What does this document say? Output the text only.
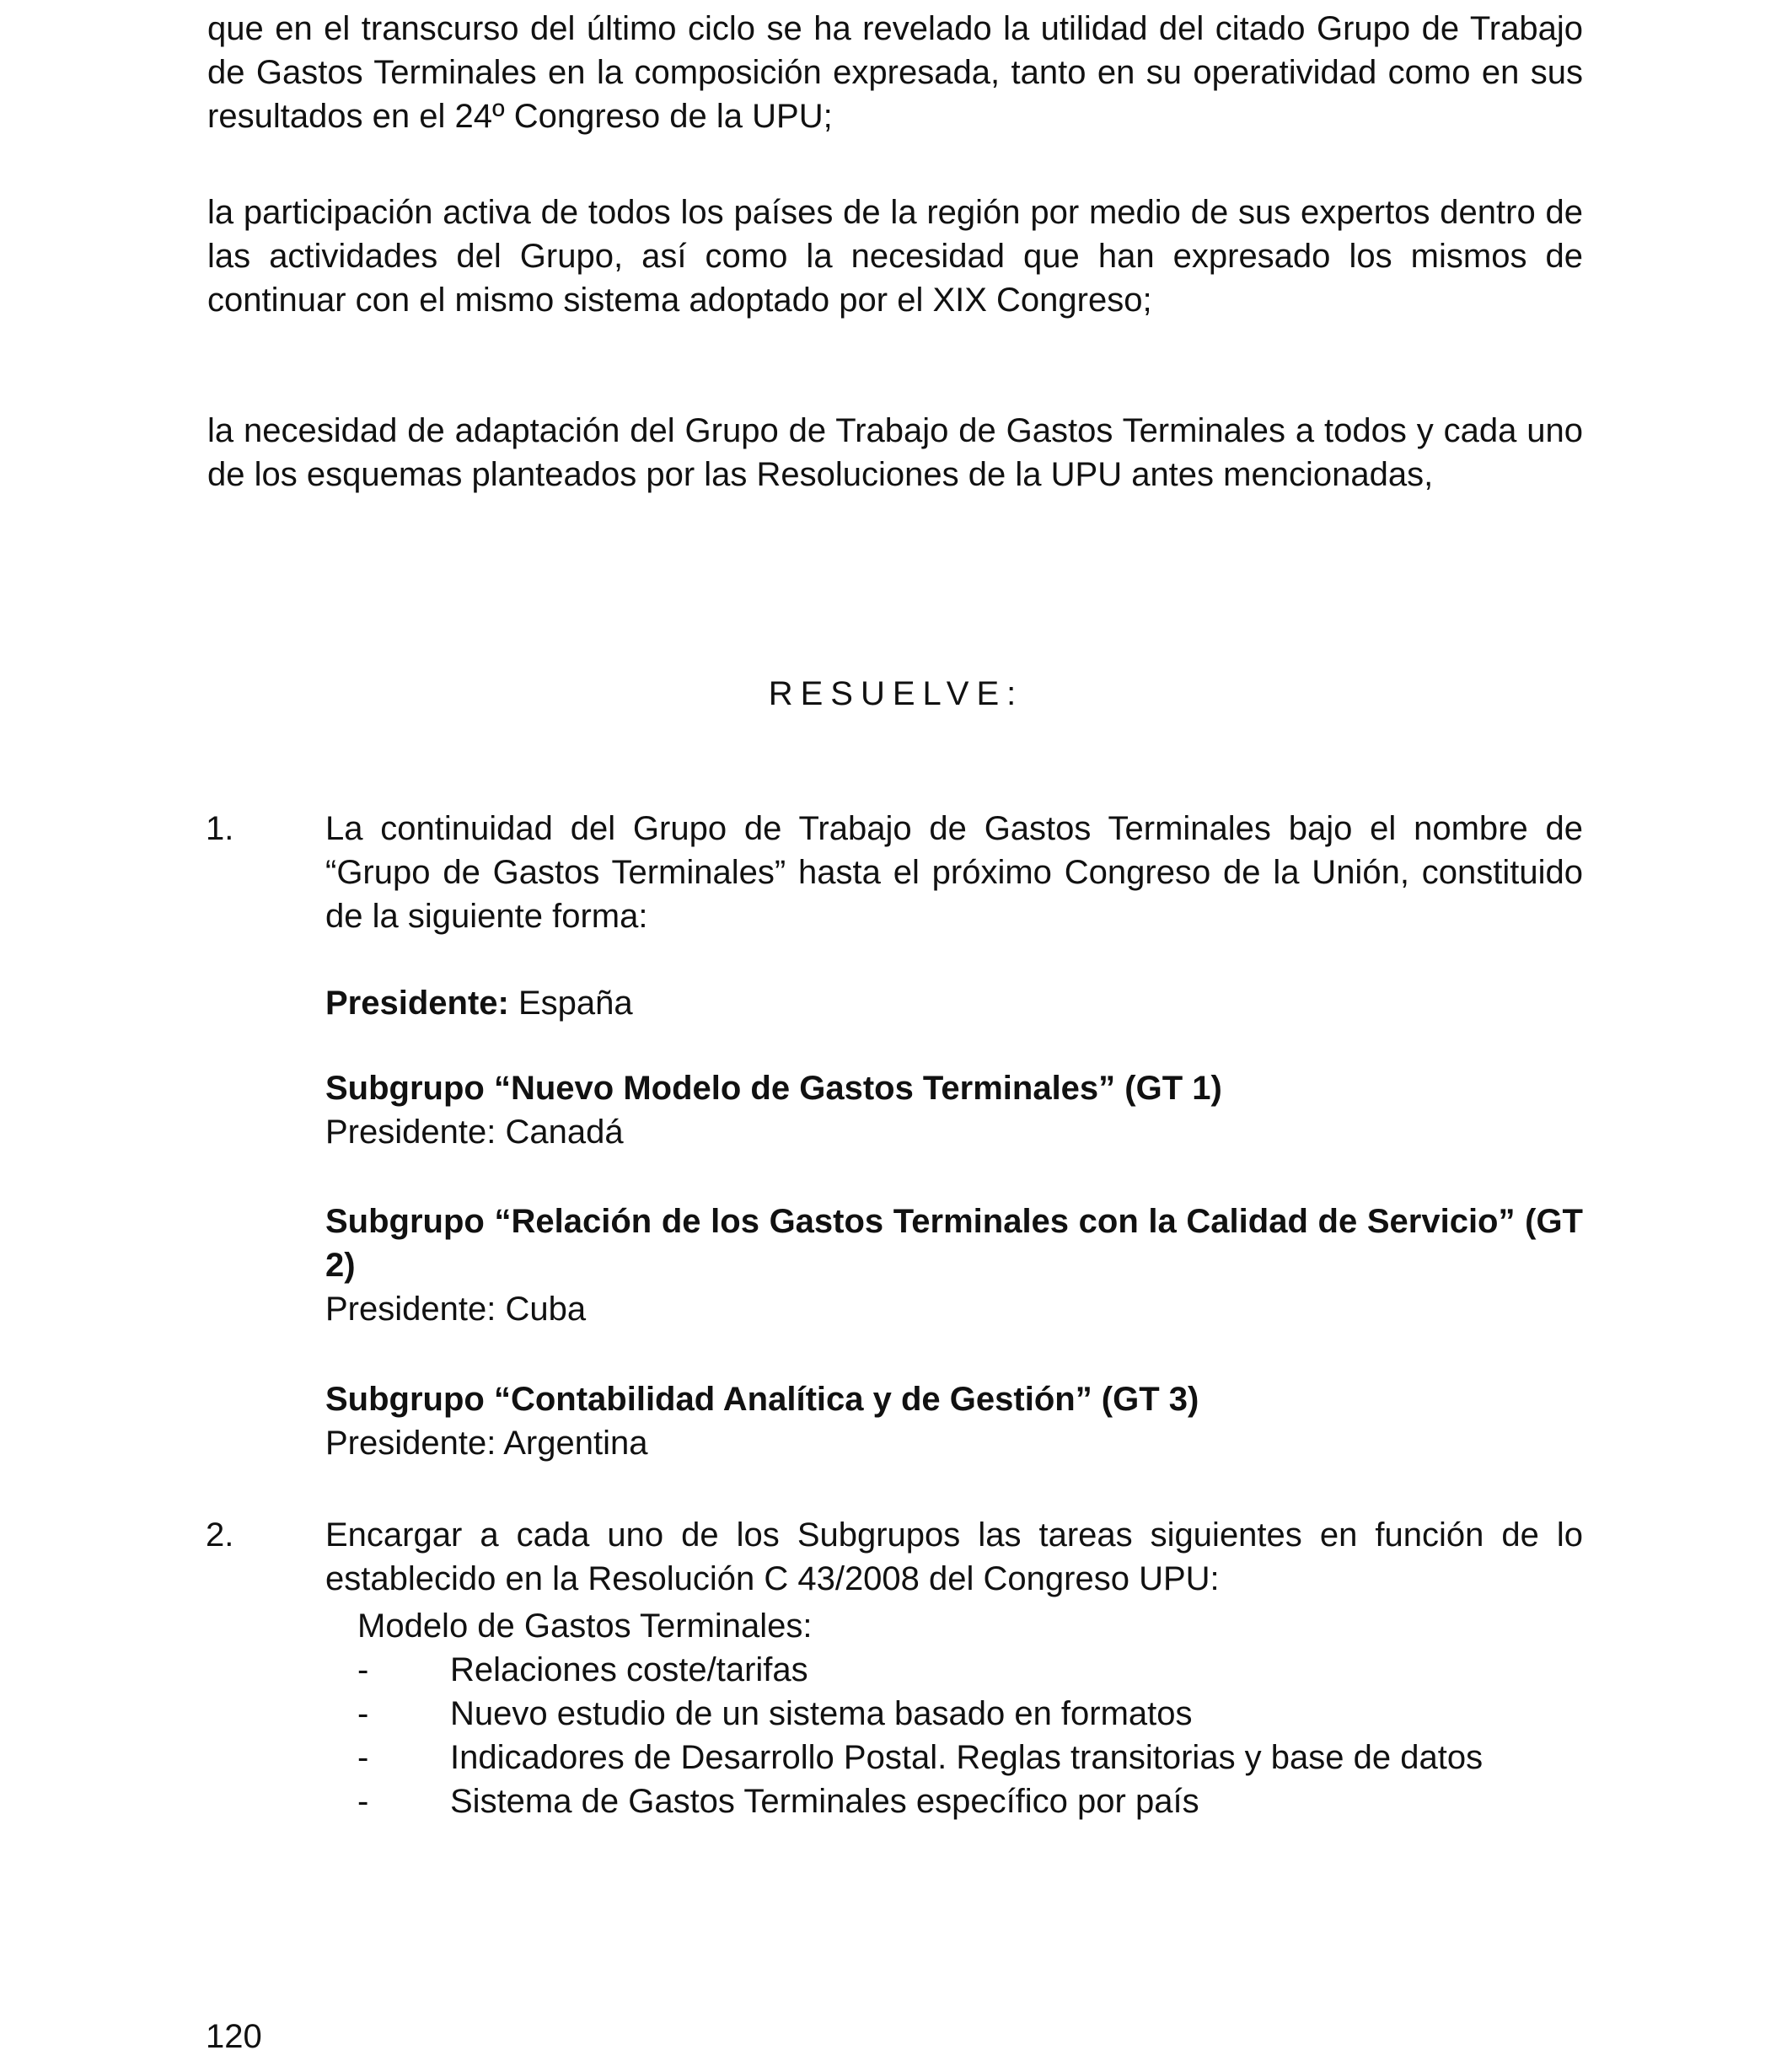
que en el transcurso del último ciclo se ha revelado la utilidad del citado Grupo de Trabajo de Gastos Terminales en la composición expresada, tanto en su operatividad como en sus resultados en el 24º Congreso de la UPU;
la participación activa de todos los países de la región por medio de sus expertos dentro de las actividades del Grupo, así como la necesidad que han expresado los mismos de continuar con el mismo sistema adoptado por el XIX Congreso;
la necesidad de adaptación del Grupo de Trabajo de Gastos Terminales a todos y cada uno de los esquemas planteados por las Resoluciones de la UPU antes mencionadas,
RESUELVE:
1.	La continuidad del Grupo de Trabajo de Gastos Terminales bajo el nombre de “Grupo de Gastos Terminales” hasta el próximo Congreso de la Unión, constituido de la siguiente forma:
Presidente: España
Subgrupo “Nuevo Modelo de Gastos Terminales” (GT 1)
Presidente: Canadá
Subgrupo “Relación de los Gastos Terminales con la Calidad de Servicio” (GT 2)
Presidente: Cuba
Subgrupo “Contabilidad Analítica y de Gestión” (GT 3)
Presidente: Argentina
2.	Encargar a cada uno de los Subgrupos las tareas siguientes en función de lo establecido en la Resolución C 43/2008 del Congreso UPU:
Modelo de Gastos Terminales:
- Relaciones coste/tarifas
- Nuevo estudio de un sistema basado en formatos
- Indicadores de Desarrollo Postal. Reglas transitorias y base de datos
- Sistema de Gastos Terminales específico por país
120
